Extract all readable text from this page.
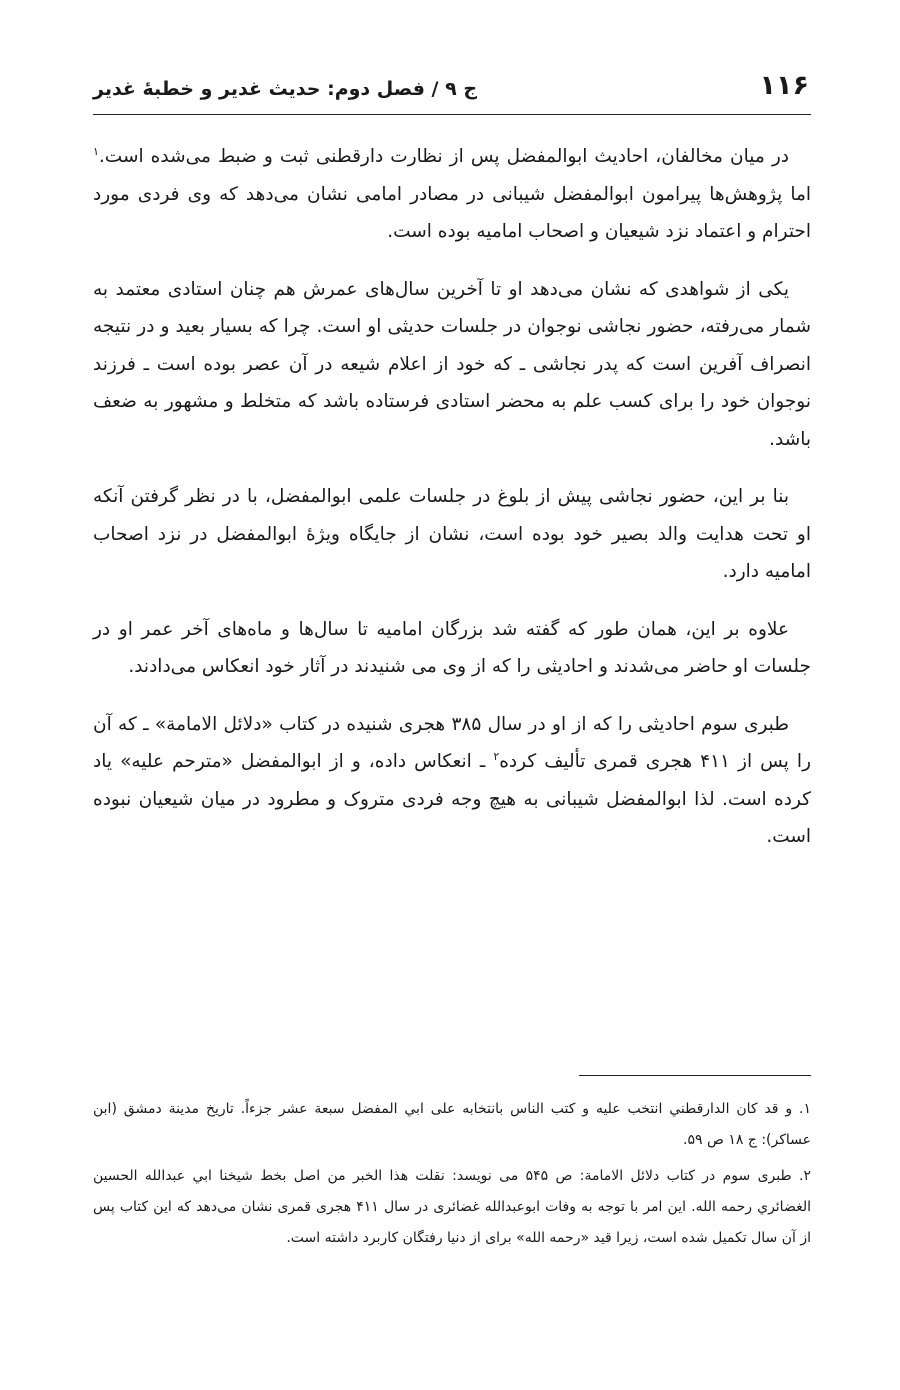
۱۱۶
ج ۹ / فصل دوم: حدیث غدیر و خطبهٔ غدیر

در میان مخالفان، احادیث ابوالمفضل پس از نظارت دارقطنی ثبت و ضبط می‌شده است.$^۱$ اما پژوهش‌ها پیرامون ابوالمفضل شیبانی در مصادر امامی نشان می‌دهد که وی فردی مورد احترام و اعتماد نزد شیعیان و اصحاب امامیه بوده است.

یکی از شواهدی که نشان می‌دهد او تا آخرین سال‌های عمرش هم چنان استادی معتمد به شمار می‌رفته، حضور نجاشی نوجوان در جلسات حدیثی او است. چرا که بسیار بعید و در نتیجه انصراف آفرین است که پدر نجاشی ـ که خود از اعلام شیعه در آن عصر بوده است ـ فرزند نوجوان خود را برای کسب علم به محضر استادی فرستاده باشد که متخلط و مشهور به ضعف باشد.

بنا بر این، حضور نجاشی پیش از بلوغ در جلسات علمی ابوالمفضل، با در نظر گرفتن آنکه او تحت هدایت والد بصیر خود بوده است، نشان از جایگاه ویژهٔ ابوالمفضل در نزد اصحاب امامیه دارد.

علاوه بر این، همان طور که گفته شد بزرگان امامیه تا سال‌ها و ماه‌های آخر عمر او در جلسات او حاضر می‌شدند و احادیثی را که از وی می شنیدند در آثار خود انعکاس می‌دادند.

طبری سوم احادیثی را که از او در سال ۳۸۵ هجری شنیده در کتاب «دلائل الامامة» ـ که آن را پس از ۴۱۱ هجری قمری تألیف کرده$^۲$ ـ انعکاس داده، و از ابوالمفضل «مترحم علیه» یاد کرده است. لذا ابوالمفضل شیبانی به هیچ وجه فردی متروک و مطرود در میان شیعیان نبوده است.

۱. و قد كان الدارقطني انتخب عليه و كتب الناس بانتخابه على ابي المفضل سبعة عشر جزءاً. تاریخ مدینة دمشق (ابن عساکر): ج ۱۸ ص ۵۹.

۲. طبری سوم در کتاب دلائل الامامة: ص ۵۴۵ می نویسد: نقلت هذا الخبر من اصل بخط شيخنا ابي عبدالله الحسين الغضائري رحمه الله. این امر با توجه به وفات ابوعبدالله غضائری در سال ۴۱۱ هجری قمری نشان می‌دهد که این کتاب پس از آن سال تکمیل شده است، زیرا قید «رحمه الله» برای از دنیا رفتگان کاربرد داشته است.
